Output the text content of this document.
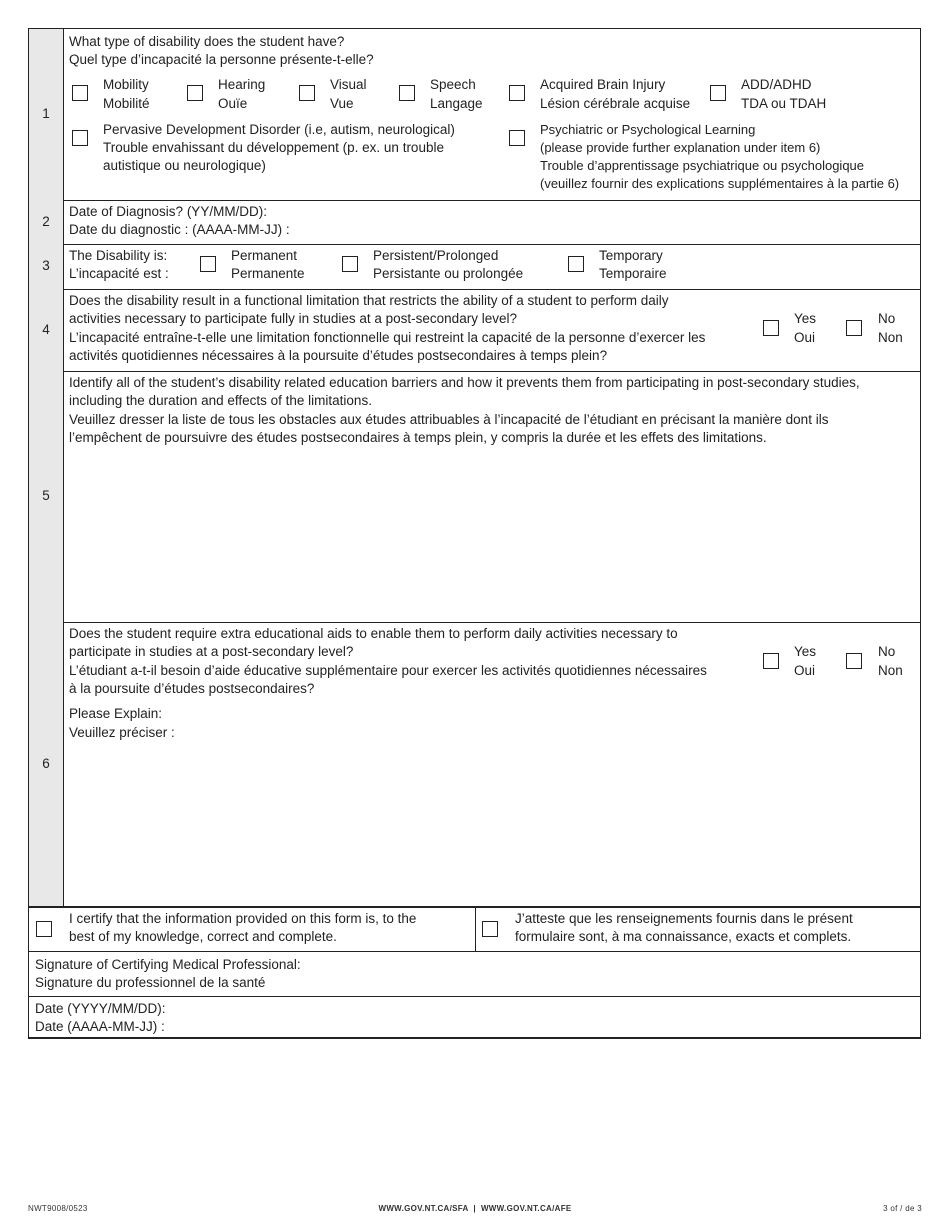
1
What type of disability does the student have?
Quel type d’incapacité la personne présente-t-elle?
Mobility
Mobilité
Hearing
Ouïe
Visual
Vue
Speech
Langage
Acquired Brain Injury
Lésion cérébrale acquise
ADD/ADHD
TDA ou TDAH
Pervasive Development Disorder (i.e, autism, neurological)
Trouble envahissant du développement (p. ex. un trouble
autistique ou neurologique)
Psychiatric or Psychological Learning
(please provide further explanation under item 6)
Trouble d’apprentissage psychiatrique ou psychologique
(veuillez fournir des explications supplémentaires à la partie 6)
2
Date of Diagnosis? (YY/MM/DD):
Date du diagnostic : (AAAA-MM-JJ) :
3
The Disability is:
L’incapacité est :
Permanent
Permanente
Persistent/Prolonged
Persistante ou prolongée
Temporary
Temporaire
4
Does the disability result in a functional limitation that restricts the ability of a student to perform daily
activities necessary to participate fully in studies at a post-secondary level?
L’incapacité entraîne-t-elle une limitation fonctionnelle qui restreint la capacité de la personne d’exercer les
activités quotidiennes nécessaires à la poursuite d’études postsecondaires à temps plein?
Yes
Oui
No
Non
5
Identify all of the student’s disability related education barriers and how it prevents them from participating in post-secondary studies,
including the duration and effects of the limitations.
Veuillez dresser la liste de tous les obstacles aux études attribuables à l’incapacité de l’étudiant en précisant la manière dont ils
l’empêchent de poursuivre des études postsecondaires à temps plein, y compris la durée et les effets des limitations.
6
Does the student require extra educational aids to enable them to perform daily activities necessary to
participate in studies at a post-secondary level?
L’étudiant a-t-il besoin d’aide éducative supplémentaire pour exercer les activités quotidiennes nécessaires
à la poursuite d’études postsecondaires?
Yes
Oui
No
Non
Please Explain:
Veuillez préciser :
I certify that the information provided on this form is, to the
best of my knowledge, correct and complete.
J’atteste que les renseignements fournis dans le présent
formulaire sont, à ma connaissance, exacts et complets.
Signature of Certifying Medical Professional:
Signature du professionnel de la santé
Date (YYYY/MM/DD):
Date (AAAA-MM-JJ) :
NWT9008/0523	WWW.GOV.NT.CA/SFA  |  WWW.GOV.NT.CA/AFE	3 of / de 3
